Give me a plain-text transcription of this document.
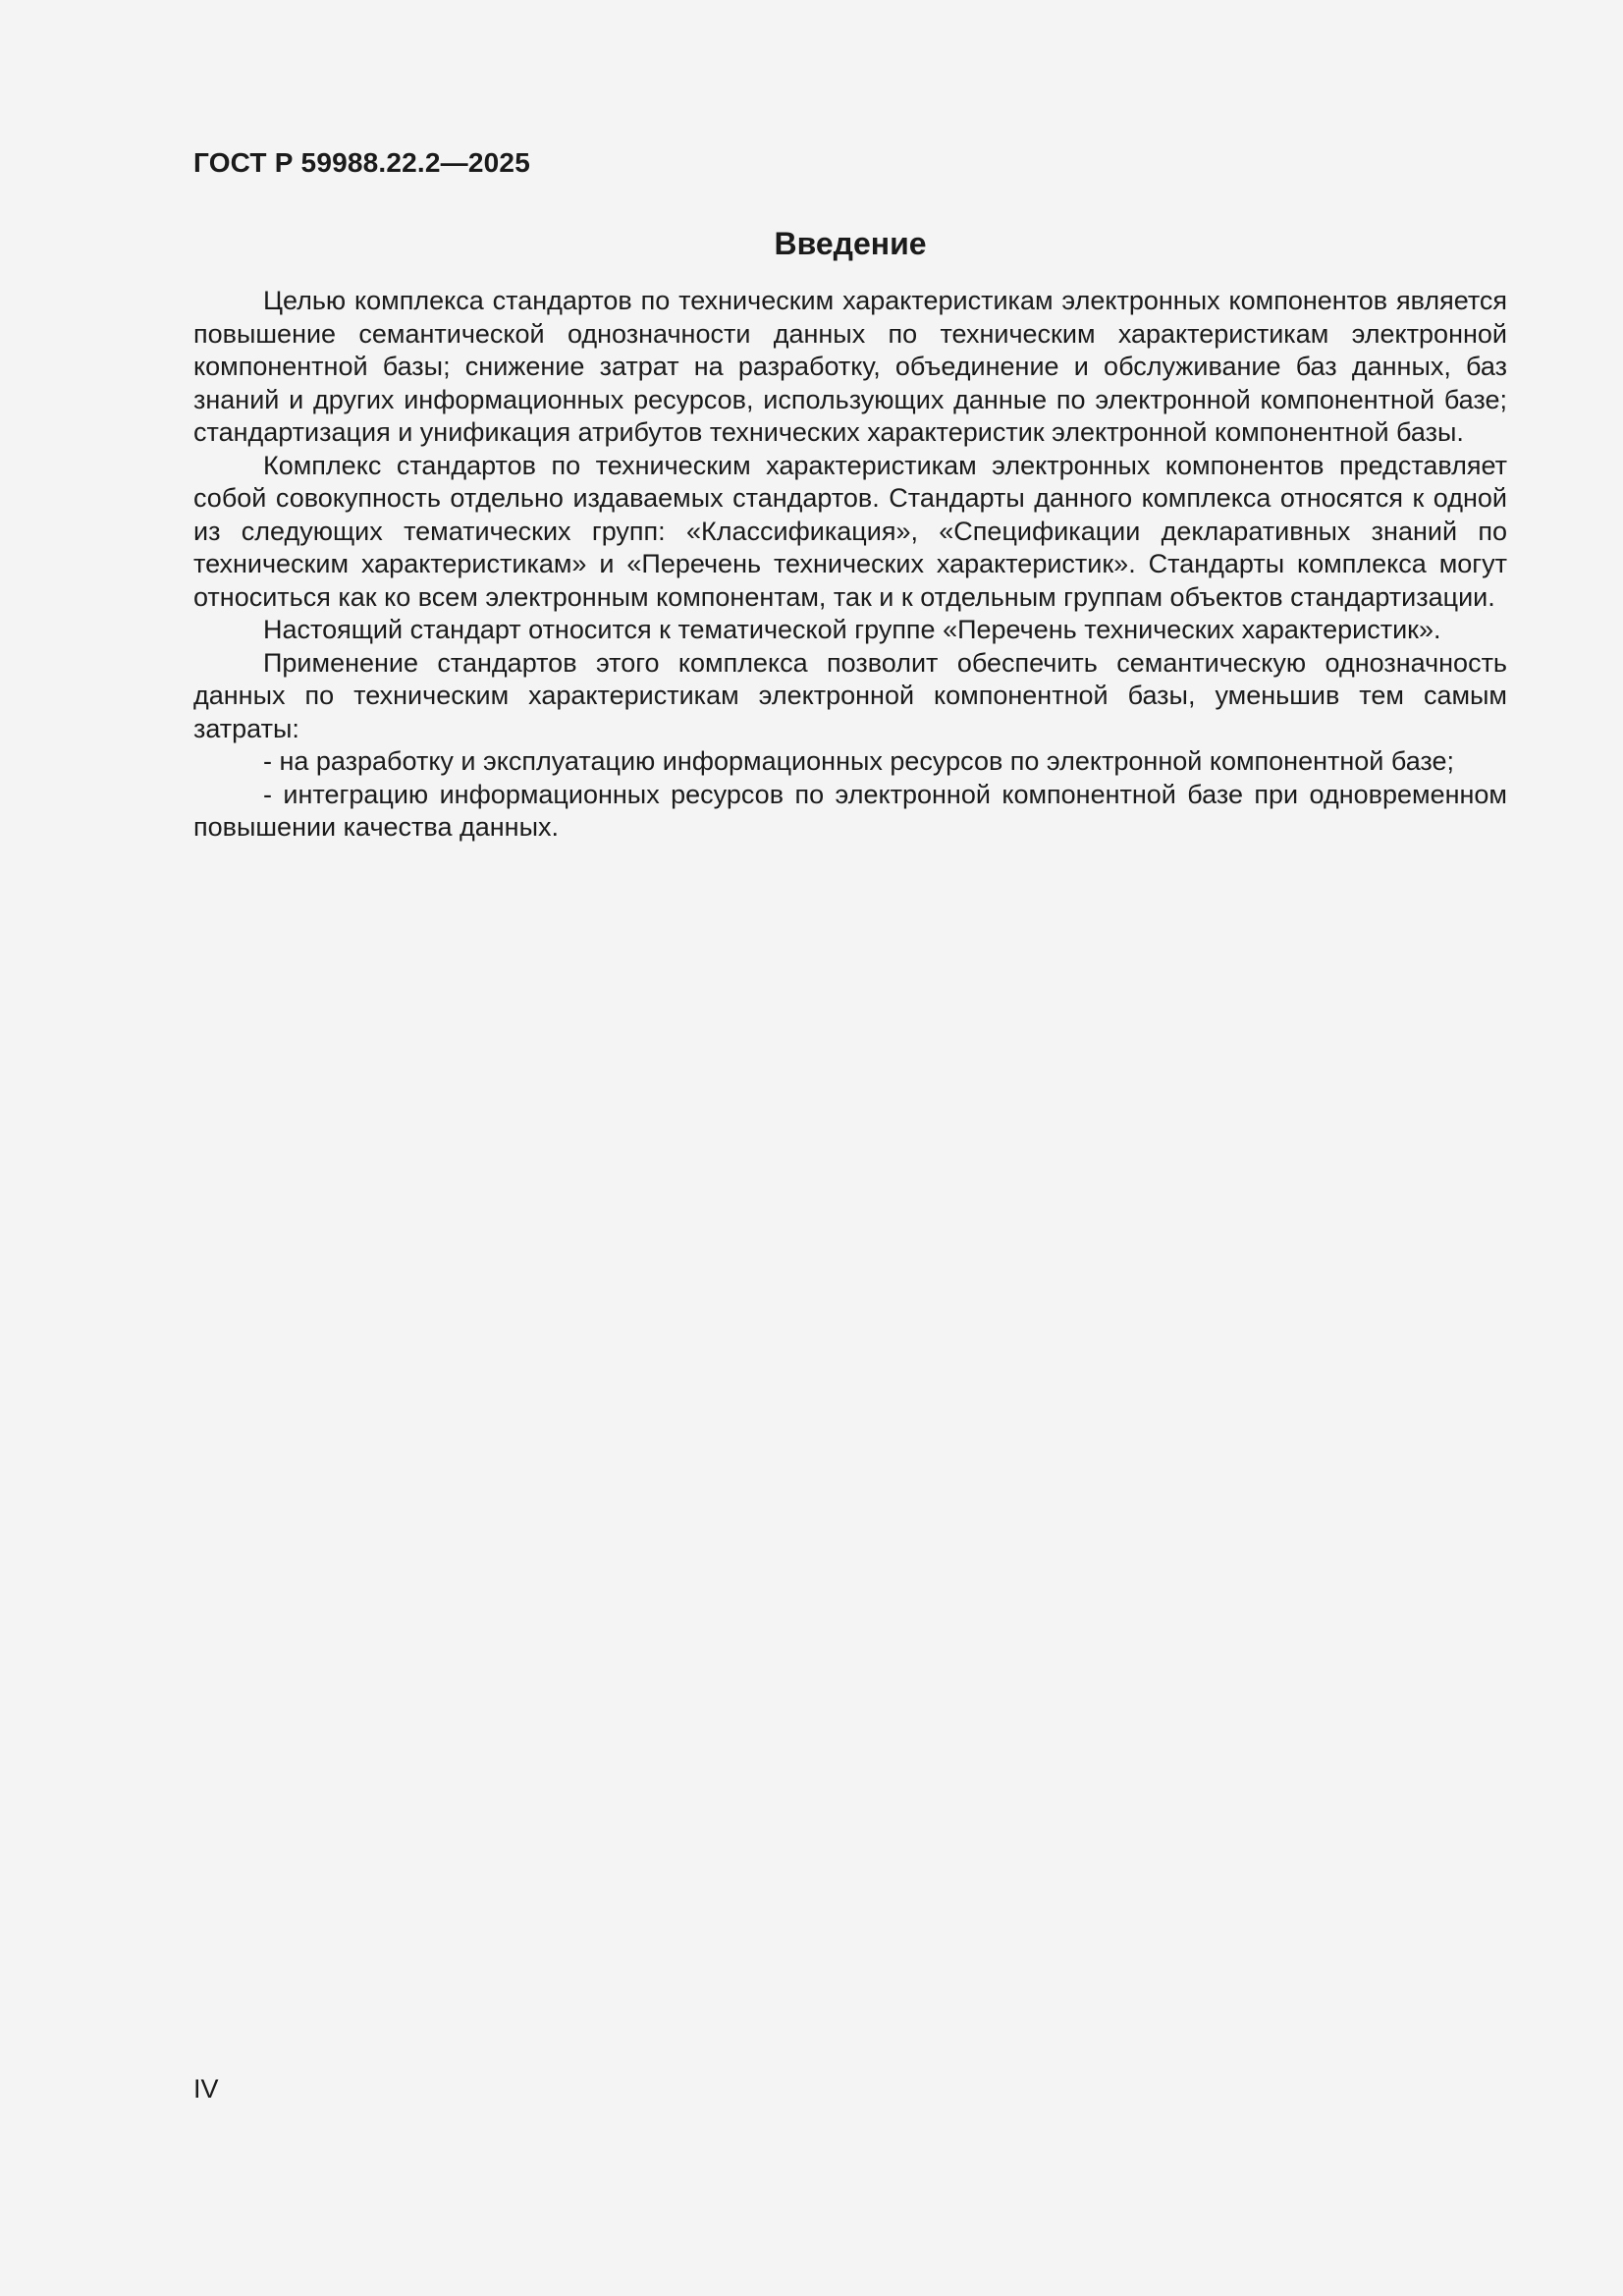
ГОСТ Р 59988.22.2—2025
Введение

Целью комплекса стандартов по техническим характеристикам электронных компонентов является повышение семантической однозначности данных по техническим характеристикам электронной компонентной базы; снижение затрат на разработку, объединение и обслуживание баз данных, баз знаний и других информационных ресурсов, использующих данные по электронной компонентной базе; стандартизация и унификация атрибутов технических характеристик электронной компонентной базы.

Комплекс стандартов по техническим характеристикам электронных компонентов представляет собой совокупность отдельно издаваемых стандартов. Стандарты данного комплекса относятся к одной из следующих тематических групп: «Классификация», «Спецификации декларативных знаний по техническим характеристикам» и «Перечень технических характеристик». Стандарты комплекса могут относиться как ко всем электронным компонентам, так и к отдельным группам объектов стандартизации.

Настоящий стандарт относится к тематической группе «Перечень технических характеристик».

Применение стандартов этого комплекса позволит обеспечить семантическую однозначность данных по техническим характеристикам электронной компонентной базы, уменьшив тем самым затраты:

- на разработку и эксплуатацию информационных ресурсов по электронной компонентной базе;

- интеграцию информационных ресурсов по электронной компонентной базе при одновременном повышении качества данных.

IV
